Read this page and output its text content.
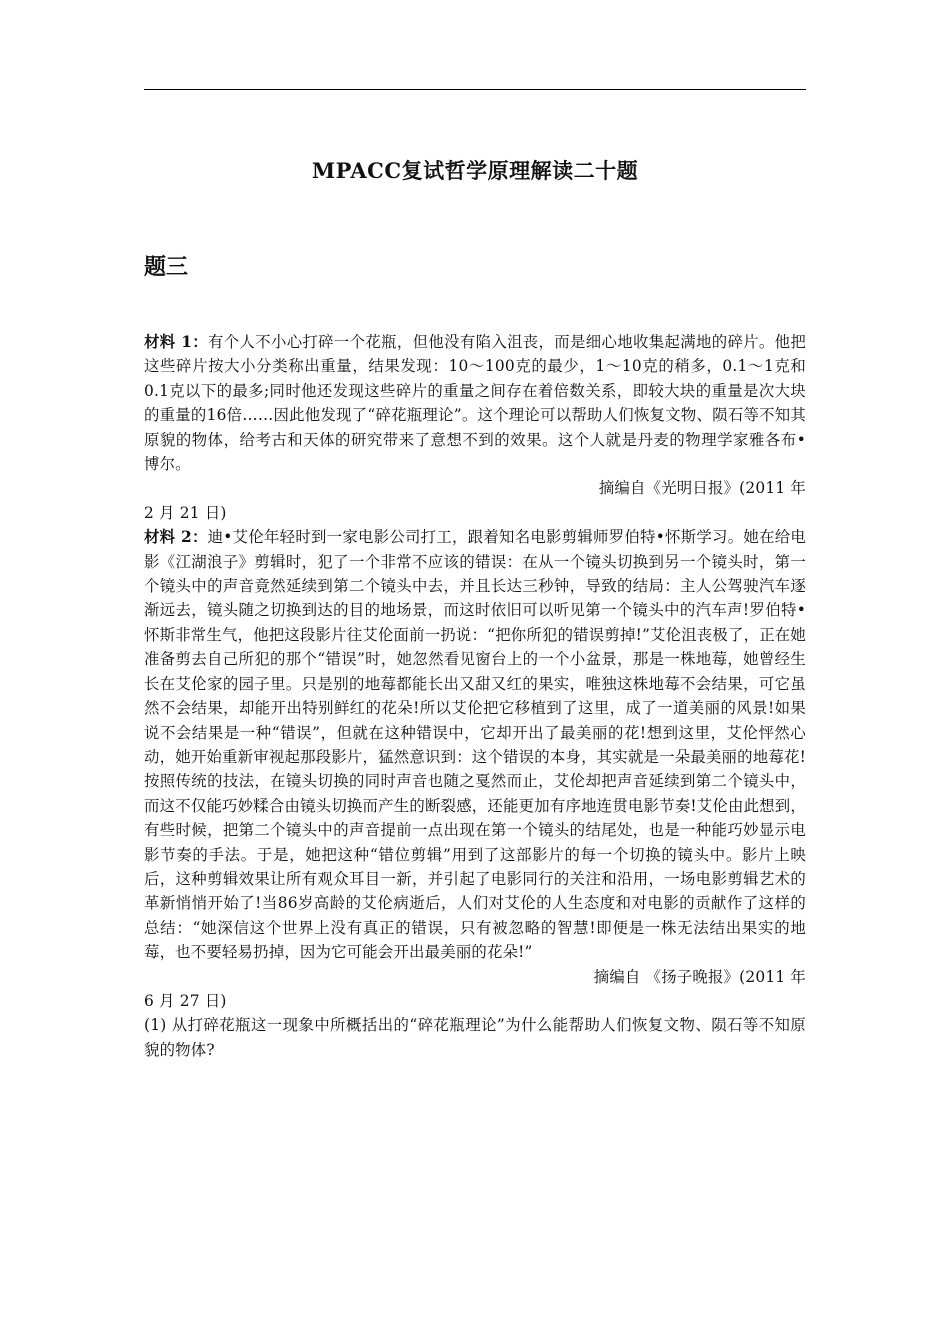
MPACC复试哲学原理解读二十题
题三

材料 1：有个人不小心打碎一个花瓶，但他没有陷入沮丧，而是细心地收集起满地的碎片。他把这些碎片按大小分类称出重量，结果发现：10～100克的最少，1～10克的稍多，0.1～1克和0.1克以下的最多;同时他还发现这些碎片的重量之间存在着倍数关系，即较大块的重量是次大块的重量的16倍……因此他发现了“碎花瓶理论”。这个理论可以帮助人们恢复文物、陨石等不知其原貌的物体，给考古和天体的研究带来了意想不到的效果。这个人就是丹麦的物理学家雅各布•博尔。

摘编自《光明日报》(2011 年

2 月 21 日)

材料 2：迪•艾伦年轻时到一家电影公司打工，跟着知名电影剪辑师罗伯特•怀斯学习。她在给电影《江湖浪子》剪辑时，犯了一个非常不应该的错误：在从一个镜头切换到另一个镜头时，第一个镜头中的声音竟然延续到第二个镜头中去，并且长达三秒钟，导致的结局：主人公驾驶汽车逐渐远去，镜头随之切换到达的目的地场景，而这时依旧可以听见第一个镜头中的汽车声!罗伯特•怀斯非常生气，他把这段影片往艾伦面前一扔说：“把你所犯的错误剪掉!”艾伦沮丧极了，正在她准备剪去自己所犯的那个“错误”时，她忽然看见窗台上的一个小盆景，那是一株地莓，她曾经生长在艾伦家的园子里。只是别的地莓都能长出又甜又红的果实，唯独这株地莓不会结果，可它虽然不会结果，却能开出特别鲜红的花朵!所以艾伦把它移植到了这里，成了一道美丽的风景!如果说不会结果是一种“错误”，但就在这种错误中，它却开出了最美丽的花!想到这里，艾伦怦然心动，她开始重新审视起那段影片，猛然意识到：这个错误的本身，其实就是一朵最美丽的地莓花!按照传统的技法，在镜头切换的同时声音也随之戛然而止，艾伦却把声音延续到第二个镜头中，而这不仅能巧妙糅合由镜头切换而产生的断裂感，还能更加有序地连贯电影节奏!艾伦由此想到，有些时候，把第二个镜头中的声音提前一点出现在第一个镜头的结尾处，也是一种能巧妙显示电影节奏的手法。于是，她把这种“错位剪辑”用到了这部影片的每一个切换的镜头中。影片上映后，这种剪辑效果让所有观众耳目一新，并引起了电影同行的关注和沿用，一场电影剪辑艺术的革新悄悄开始了!当86岁高龄的艾伦病逝后，人们对艾伦的人生态度和对电影的贡献作了这样的总结：“她深信这个世界上没有真正的错误，只有被忽略的智慧!即便是一株无法结出果实的地莓，也不要轻易扔掉，因为它可能会开出最美丽的花朵!”

摘编自 《扬子晚报》(2011 年

6 月 27 日)

(1) 从打碎花瓶这一现象中所概括出的“碎花瓶理论”为什么能帮助人们恢复文物、陨石等不知原貌的物体?
